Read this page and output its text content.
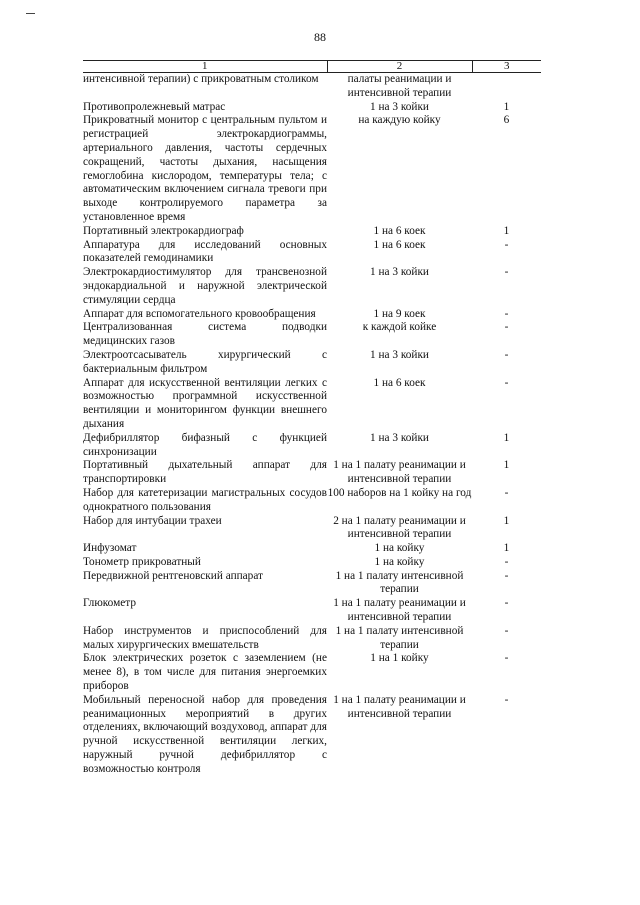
88
1	2	3
интенсивной терапии) с прикроватным столиком	палаты реанимации и интенсивной терапии	
Противопролежневый матрас	1 на 3 койки	1
Прикроватный монитор с центральным пультом и регистрацией электрокардиограммы, артериального давления, частоты сердечных сокращений, частоты дыхания, насыщения гемоглобина кислородом, температуры тела; с автоматическим включением сигнала тревоги при выходе контролируемого параметра за установленное время	на каждую койку	6
Портативный электрокардиограф	1 на 6 коек	1
Аппаратура для исследований основных показателей гемодинамики	1 на 6 коек	-
Электрокардиостимулятор для трансвенозной эндокардиальной и наружной электрической стимуляции сердца	1 на 3 койки	-
Аппарат для вспомогательного кровообращения	1 на 9 коек	-
Централизованная система подводки медицинских газов	к каждой койке	-
Электроотсасыватель хирургический с бактериальным фильтром	1 на 3 койки	-
Аппарат для искусственной вентиляции легких с возможностью программной искусственной вентиляции и мониторингом функции внешнего дыхания	1 на 6 коек	-
Дефибриллятор бифазный с функцией синхронизации	1 на 3 койки	1
Портативный дыхательный аппарат для транспортировки	1 на 1 палату реанимации и интенсивной терапии	1
Набор для катетеризации магистральных сосудов однократного пользования	100 наборов на 1 койку на год	-
Набор для интубации трахеи	2 на 1 палату реанимации и интенсивной терапии	1
Инфузомат	1 на койку	1
Тонометр прикроватный	1 на койку	-
Передвижной рентгеновский аппарат	1 на 1 палату интенсивной терапии	-
Глюкометр	1 на 1 палату реанимации и интенсивной терапии	-
Набор инструментов и приспособлений для малых хирургических вмешательств	1 на 1 палату интенсивной терапии	-
Блок электрических розеток с заземлением (не менее 8), в том числе для питания энергоемких приборов	1 на 1 койку	-
Мобильный переносной набор для проведения реанимационных мероприятий в других отделениях, включающий воздуховод, аппарат для ручной искусственной вентиляции легких, наружный ручной дефибриллятор с возможностью контроля	1 на 1 палату реанимации и интенсивной терапии	-
